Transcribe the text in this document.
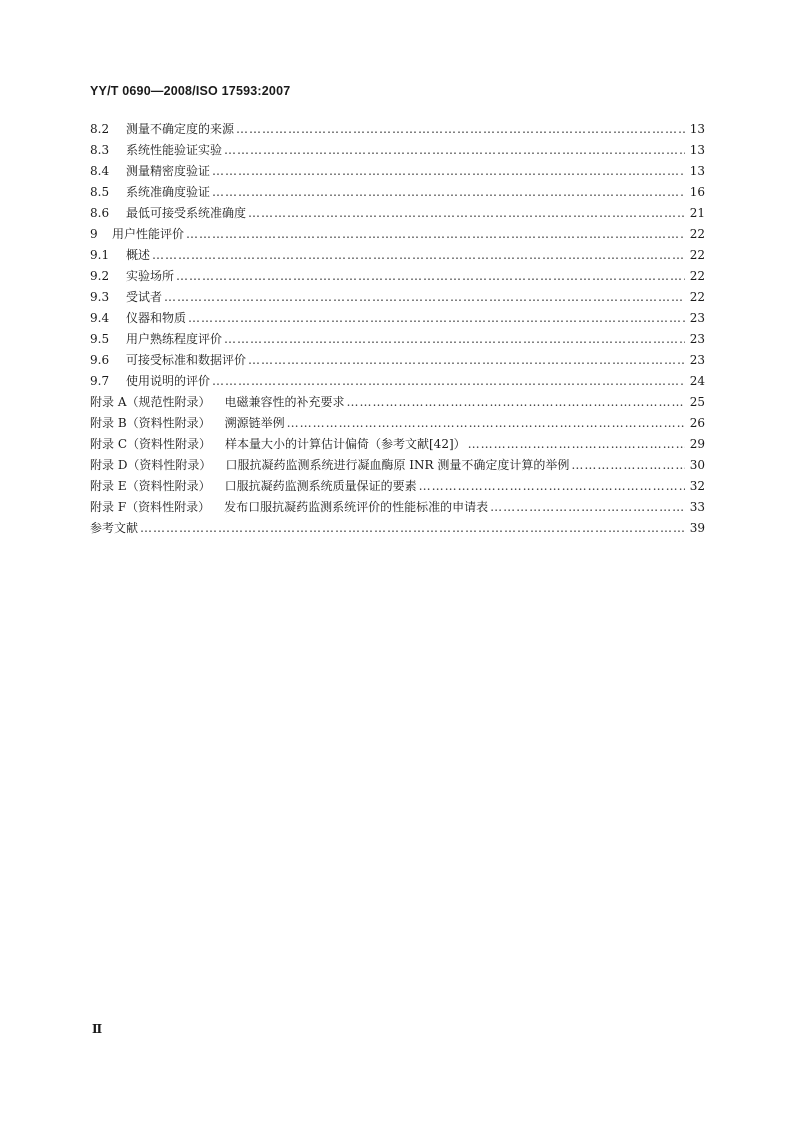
YY/T 0690—2008/ISO 17593:2007
8.2	测量不确定度的来源 …………………………………………………………………………………………………………………………………………………………………………………………………………………………………………	13
8.3	系统性能验证实验 …………………………………………………………………………………………………………………………………………………………………………………………………………………………………………	13
8.4	测量精密度验证 …………………………………………………………………………………………………………………………………………………………………………………………………………………………………………	13
8.5	系统准确度验证 …………………………………………………………………………………………………………………………………………………………………………………………………………………………………………	16
8.6	最低可接受系统准确度 …………………………………………………………………………………………………………………………………………………………………………………………………………………………………………	21
9	用户性能评价 …………………………………………………………………………………………………………………………………………………………………………………………………………………………………………	22
9.1	概述 …………………………………………………………………………………………………………………………………………………………………………………………………………………………………………	22
9.2	实验场所 …………………………………………………………………………………………………………………………………………………………………………………………………………………………………………	22
9.3	受试者 …………………………………………………………………………………………………………………………………………………………………………………………………………………………………………	22
9.4	仪器和物质 …………………………………………………………………………………………………………………………………………………………………………………………………………………………………………	23
9.5	用户熟练程度评价 …………………………………………………………………………………………………………………………………………………………………………………………………………………………………………	23
9.6	可接受标准和数据评价 …………………………………………………………………………………………………………………………………………………………………………………………………………………………………………	23
9.7	使用说明的评价 …………………………………………………………………………………………………………………………………………………………………………………………………………………………………………	24
附录 A（规范性附录） 电磁兼容性的补充要求 …………………………………………………………………………………………………………………………………………………………………………………………………………………………………………	25
附录 B（资料性附录） 溯源链举例 …………………………………………………………………………………………………………………………………………………………………………………………………………………………………………	26
附录 C（资料性附录） 样本量大小的计算估计偏倚（参考文献[42]） …………………………………………………………………………………………………………………………………………………………………………………………………………………………………………	29
附录 D（资料性附录） 口服抗凝药监测系统进行凝血酶原 INR 测量不确定度计算的举例 …………………………………………………………………………………………………………………………………………………………………………………………………………………………………………	30
附录 E（资料性附录） 口服抗凝药监测系统质量保证的要素 …………………………………………………………………………………………………………………………………………………………………………………………………………………………………………	32
附录 F（资料性附录） 发布口服抗凝药监测系统评价的性能标准的申请表 …………………………………………………………………………………………………………………………………………………………………………………………………………………………………………	33
参考文献 …………………………………………………………………………………………………………………………………………………………………………………………………………………………………………	39
Ⅱ
